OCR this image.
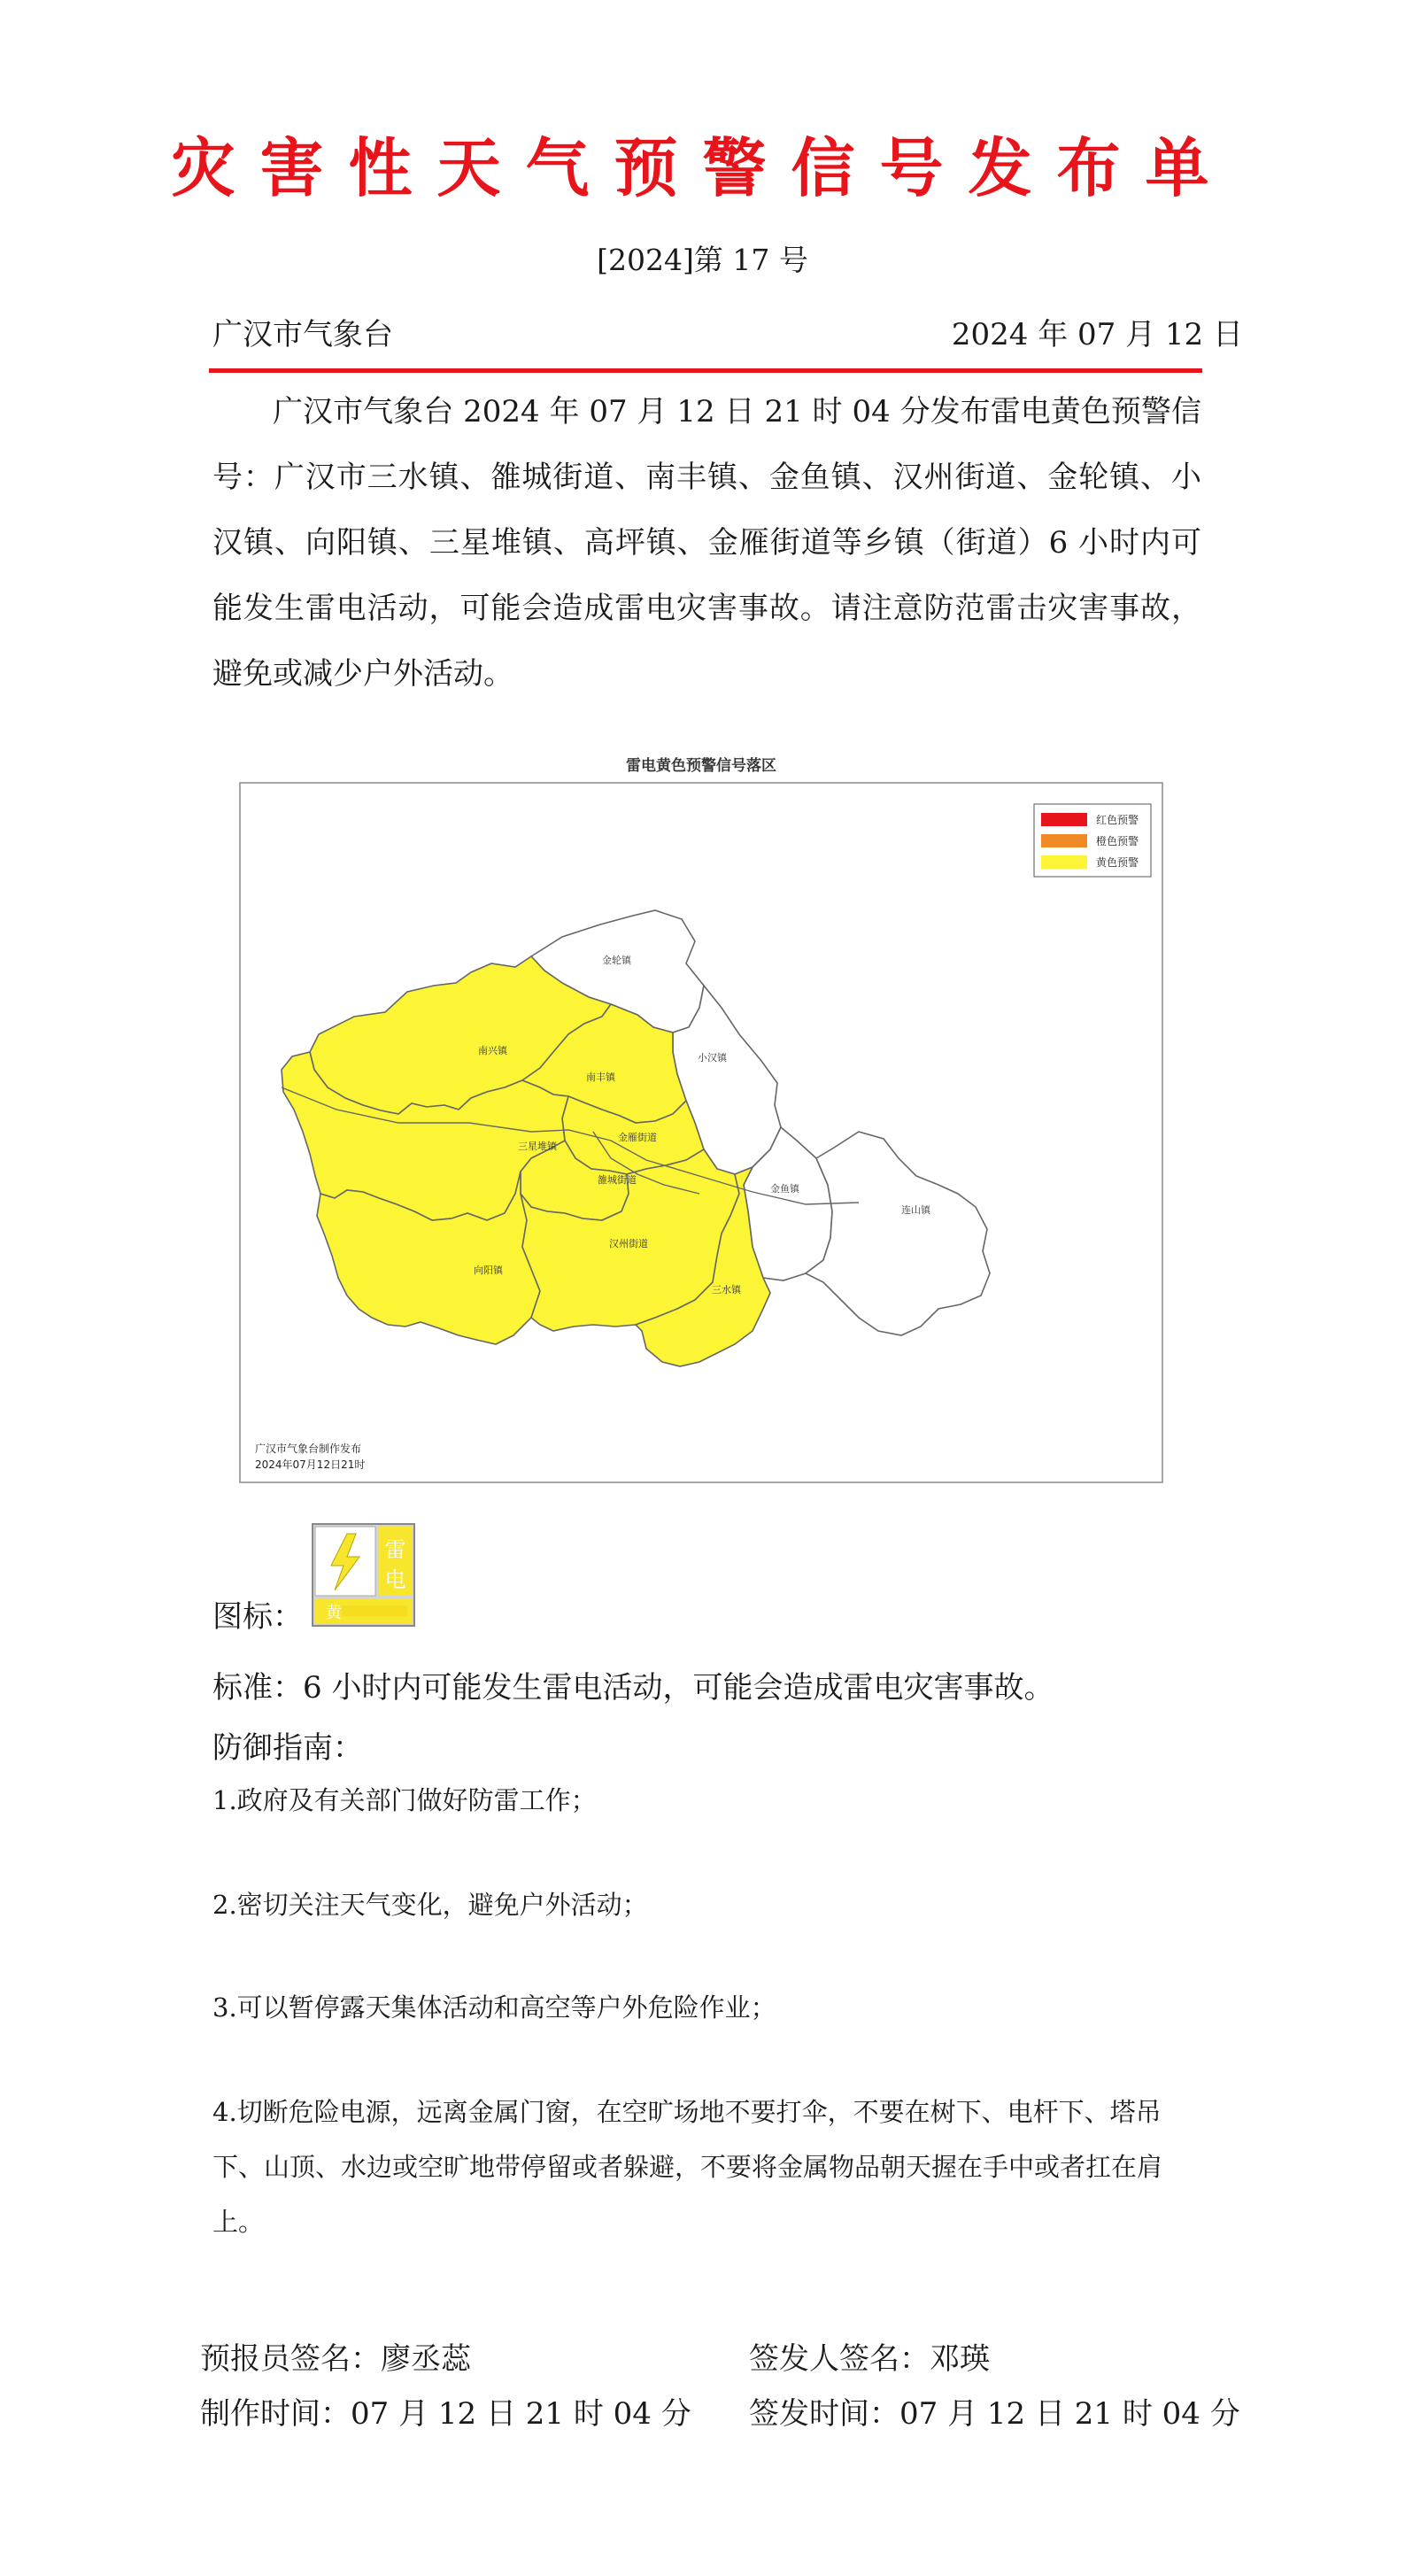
灾害性天气预警信号发布单
[2024]第 17 号
广汉市气象台	2024 年 07 月 12 日
广汉市气象台 2024 年 07 月 12 日 21 时 04 分发布雷电黄色预警信号：广汉市三水镇、雒城街道、南丰镇、金鱼镇、汉州街道、金轮镇、小汉镇、向阳镇、三星堆镇、高坪镇、金雁街道等乡镇（街道）6 小时内可能发生雷电活动，可能会造成雷电灾害事故。请注意防范雷击灾害事故，避免或减少户外活动。
雷电黄色预警信号落区
红色预警
橙色预警
黄色预警
金轮镇
南兴镇
南丰镇
小汉镇
金雁街道
三星堆镇
雒城街道
金鱼镇
连山镇
汉州街道
向阳镇
三水镇
广汉市气象台制作发布
2024年07月12日21时
图标：
雷
电
黄
标准：6 小时内可能发生雷电活动，可能会造成雷电灾害事故。
防御指南：
1.政府及有关部门做好防雷工作；
2.密切关注天气变化，避免户外活动；
3.可以暂停露天集体活动和高空等户外危险作业；
4.切断危险电源，远离金属门窗，在空旷场地不要打伞，不要在树下、电杆下、塔吊下、山顶、水边或空旷地带停留或者躲避，不要将金属物品朝天握在手中或者扛在肩上。
预报员签名：廖丞蕊	签发人签名：邓瑛
制作时间：07 月 12 日 21 时 04 分 签发时间：07 月 12 日 21 时 04 分
